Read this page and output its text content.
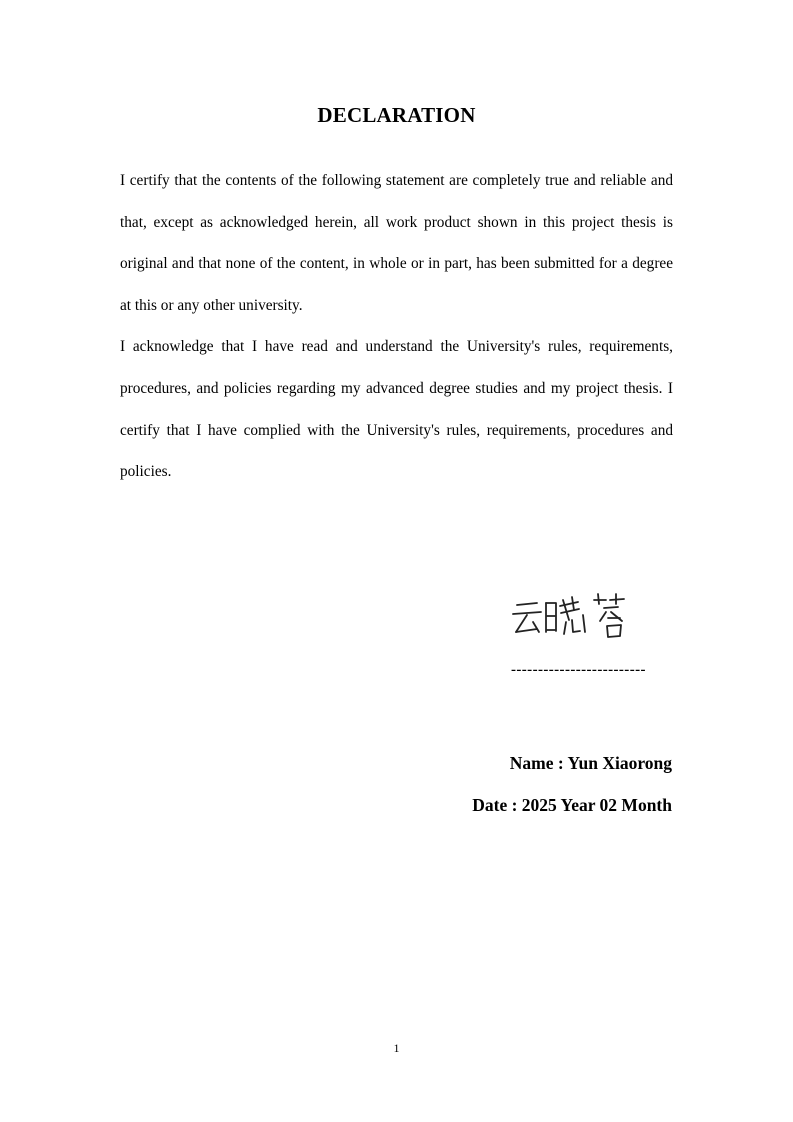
DECLARATION

I certify that the contents of the following statement are completely true and reliable and that, except as acknowledged herein, all work product shown in this project thesis is original and that none of the content, in whole or in part, has been submitted for a degree at this or any other university.

I acknowledge that I have read and understand the University's rules, requirements, procedures, and policies regarding my advanced degree studies and my project thesis. I certify that I have complied with the University's rules, requirements, procedures and policies.

-------------------------
Name : Yun Xiaorong
Date : 2025 Year 02 Month
1
